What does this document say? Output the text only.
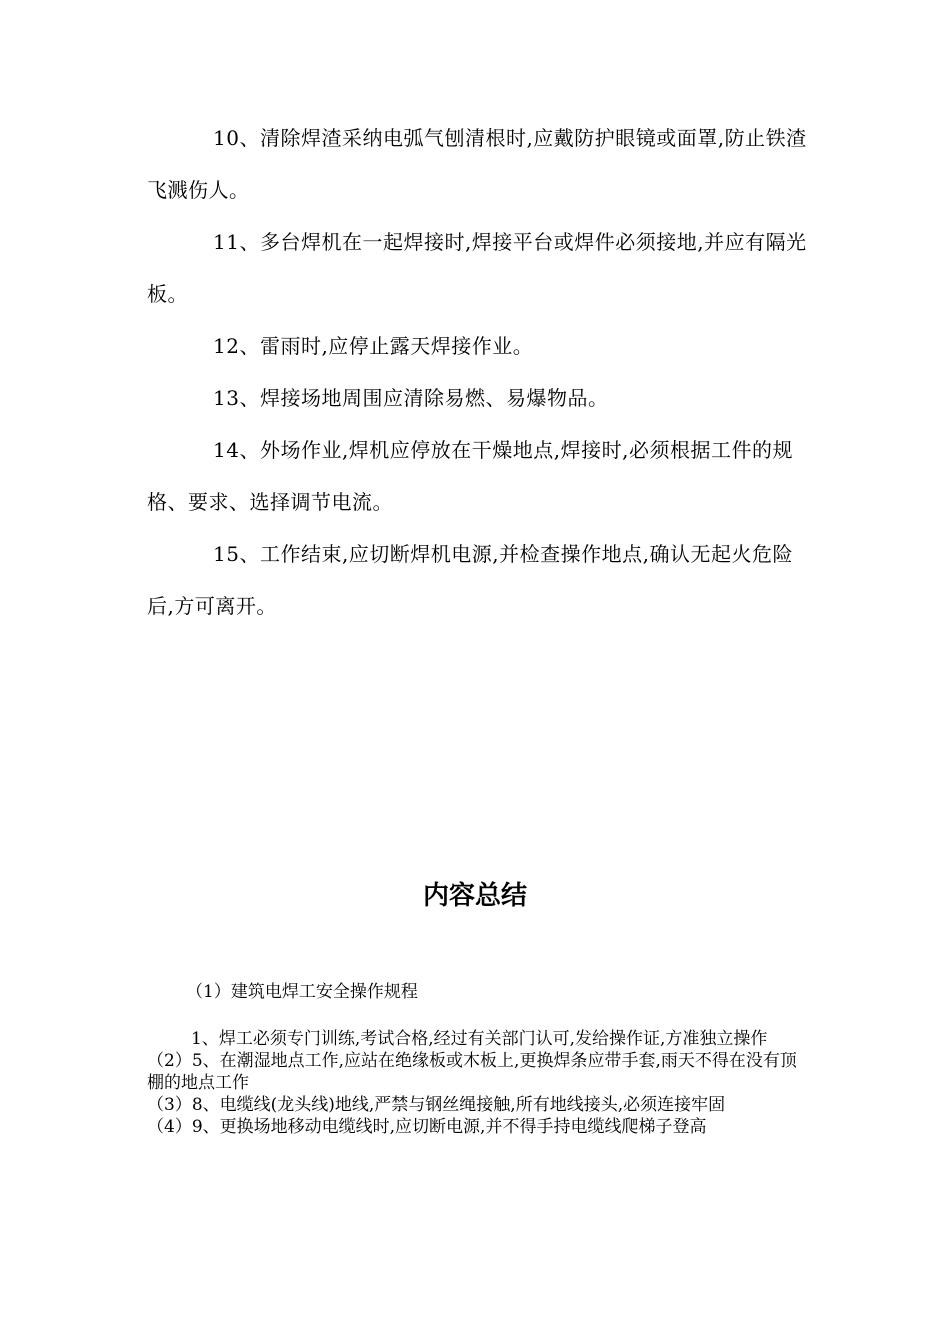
10、清除焊渣采纳电弧气刨清根时,应戴防护眼镜或面罩,防止铁渣飞溅伤人。

11、多台焊机在一起焊接时,焊接平台或焊件必须接地,并应有隔光板。

12、雷雨时,应停止露天焊接作业。

13、焊接场地周围应清除易燃、易爆物品。

14、外场作业,焊机应停放在干燥地点,焊接时,必须根据工件的规格、要求、选择调节电流。

15、工作结束,应切断焊机电源,并检查操作地点,确认无起火危险后,方可离开。

内容总结

（1）建筑电焊工安全操作规程

1、焊工必须专门训练,考试合格,经过有关部门认可,发给操作证,方准独立操作

（2）5、在潮湿地点工作,应站在绝缘板或木板上,更换焊条应带手套,雨天不得在没有顶棚的地点工作

（3）8、电缆线(龙头线)地线,严禁与钢丝绳接触,所有地线接头,必须连接牢固

（4）9、更换场地移动电缆线时,应切断电源,并不得手持电缆线爬梯子登高
